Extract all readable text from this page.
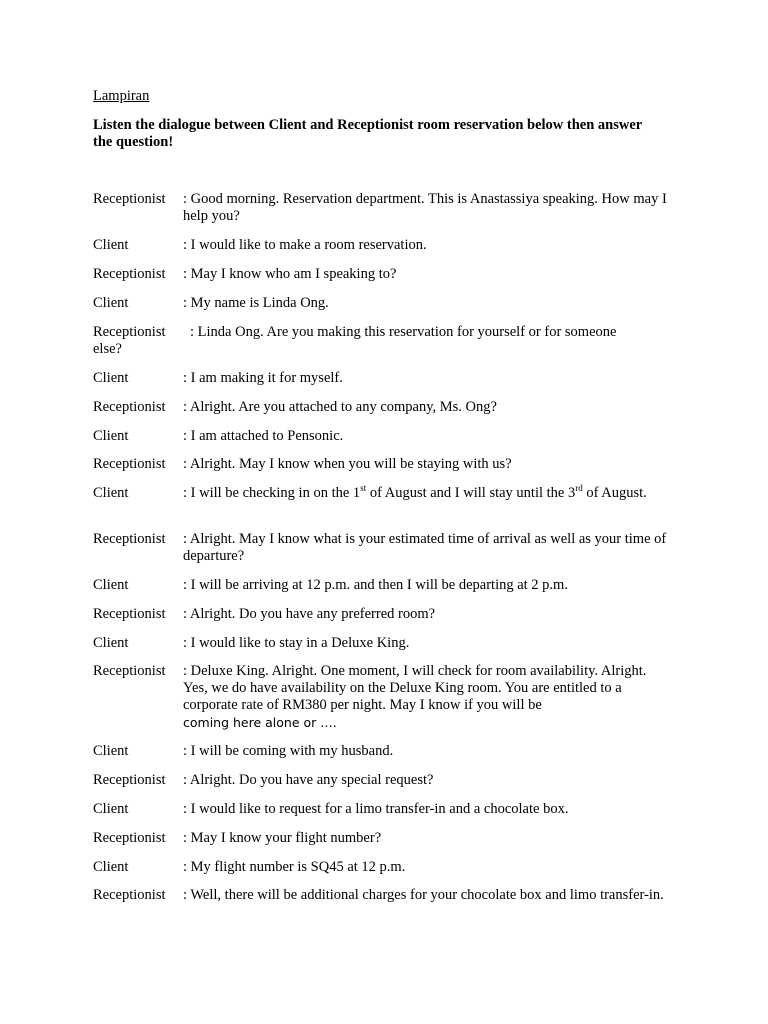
Lampiran
Listen the dialogue between Client and Receptionist room reservation below then answer the question!
Receptionist : Good morning. Reservation department. This is Anastassiya speaking. How may I help you?
Client	: I would like to make a room reservation.
Receptionist : May I know who am I speaking to?
Client	: My name is Linda Ong.
Receptionist : Linda Ong. Are you making this reservation for yourself or for someone
else?
Client	: I am making it for myself.
Receptionist : Alright. Are you attached to any company, Ms. Ong?
Client	: I am attached to Pensonic.
Receptionist : Alright. May I know when you will be staying with us?
Client	: I will be checking in on the 1st of August and I will stay until the 3rd of August.
Receptionist : Alright. May I know what is your estimated time of arrival as well as your time of departure?
Client	: I will be arriving at 12 p.m. and then I will be departing at 2 p.m.
Receptionist : Alright. Do you have any preferred room?
Client	: I would like to stay in a Deluxe King.
Receptionist : Deluxe King. Alright. One moment, I will check for room availability. Alright. Yes, we do have availability on the Deluxe King room. You are entitled to a corporate rate of RM380 per night. May I know if you will be
coming here alone or ….
Client	: I will be coming with my husband.
Receptionist : Alright. Do you have any special request?
Client	: I would like to request for a limo transfer-in and a chocolate box.
Receptionist : May I know your flight number?
Client	: My flight number is SQ45 at 12 p.m.
Receptionist : Well, there will be additional charges for your chocolate box and limo transfer-in.
